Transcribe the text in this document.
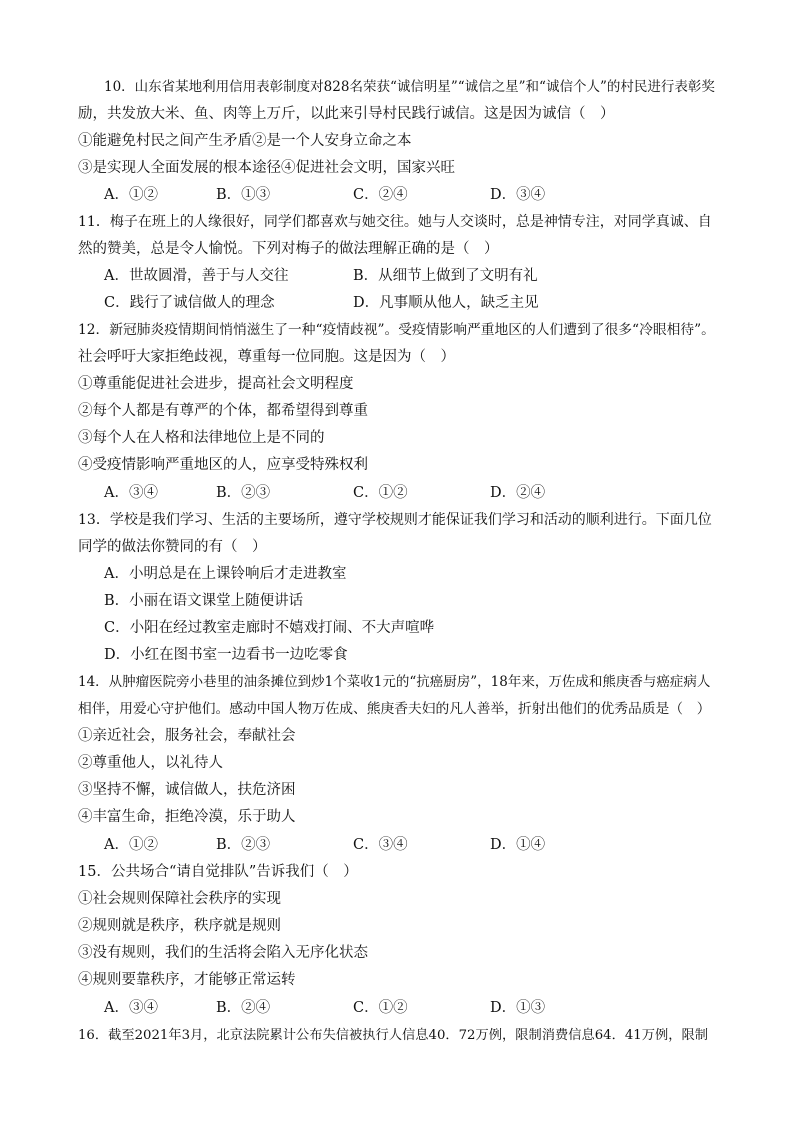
10．山东省某地利用信用表彰制度对828名荣获“诚信明星”“诚信之星”和“诚信个人”的村民进行表彰奖
励，共发放大米、鱼、肉等上万斤，以此来引导村民践行诚信。这是因为诚信（　）
①能避免村民之间产生矛盾②是一个人安身立命之本
③是实现人全面发展的根本途径④促进社会文明，国家兴旺
A．①②	B．①③	C．②④	D．③④
11．梅子在班上的人缘很好，同学们都喜欢与她交往。她与人交谈时，总是神情专注，对同学真诚、自
然的赞美，总是令人愉悦。下列对梅子的做法理解正确的是（　）
A．世故圆滑，善于与人交往	B．从细节上做到了文明有礼
C．践行了诚信做人的理念	D．凡事顺从他人，缺乏主见
12．新冠肺炎疫情期间悄悄滋生了一种“疫情歧视”。受疫情影响严重地区的人们遭到了很多“冷眼相待”。
社会呼吁大家拒绝歧视，尊重每一位同胞。这是因为（　）
①尊重能促进社会进步，提高社会文明程度
②每个人都是有尊严的个体，都希望得到尊重
③每个人在人格和法律地位上是不同的
④受疫情影响严重地区的人，应享受特殊权利
A．③④	B．②③	C．①②	D．②④
13．学校是我们学习、生活的主要场所，遵守学校规则才能保证我们学习和活动的顺利进行。下面几位
同学的做法你赞同的有（　）
A．小明总是在上课铃响后才走进教室
B．小丽在语文课堂上随便讲话
C．小阳在经过教室走廊时不嬉戏打闹、不大声喧哗
D．小红在图书室一边看书一边吃零食
14．从肿瘤医院旁小巷里的油条摊位到炒1个菜收1元的“抗癌厨房”，18年来，万佐成和熊庚香与癌症病人
相伴，用爱心守护他们。感动中国人物万佐成、熊庚香夫妇的凡人善举，折射出他们的优秀品质是（　）
①亲近社会，服务社会，奉献社会
②尊重他人，以礼待人
③坚持不懈，诚信做人，扶危济困
④丰富生命，拒绝冷漠，乐于助人
A．①②	B．②③	C．③④	D．①④
15．公共场合“请自觉排队”告诉我们（　）
①社会规则保障社会秩序的实现
②规则就是秩序，秩序就是规则
③没有规则，我们的生活将会陷入无序化状态
④规则要靠秩序，才能够正常运转
A．③④	B．②④	C．①②	D．①③
16．截至2021年3月，北京法院累计公布失信被执行人信息40．72万例，限制消费信息64．41万例，限制
